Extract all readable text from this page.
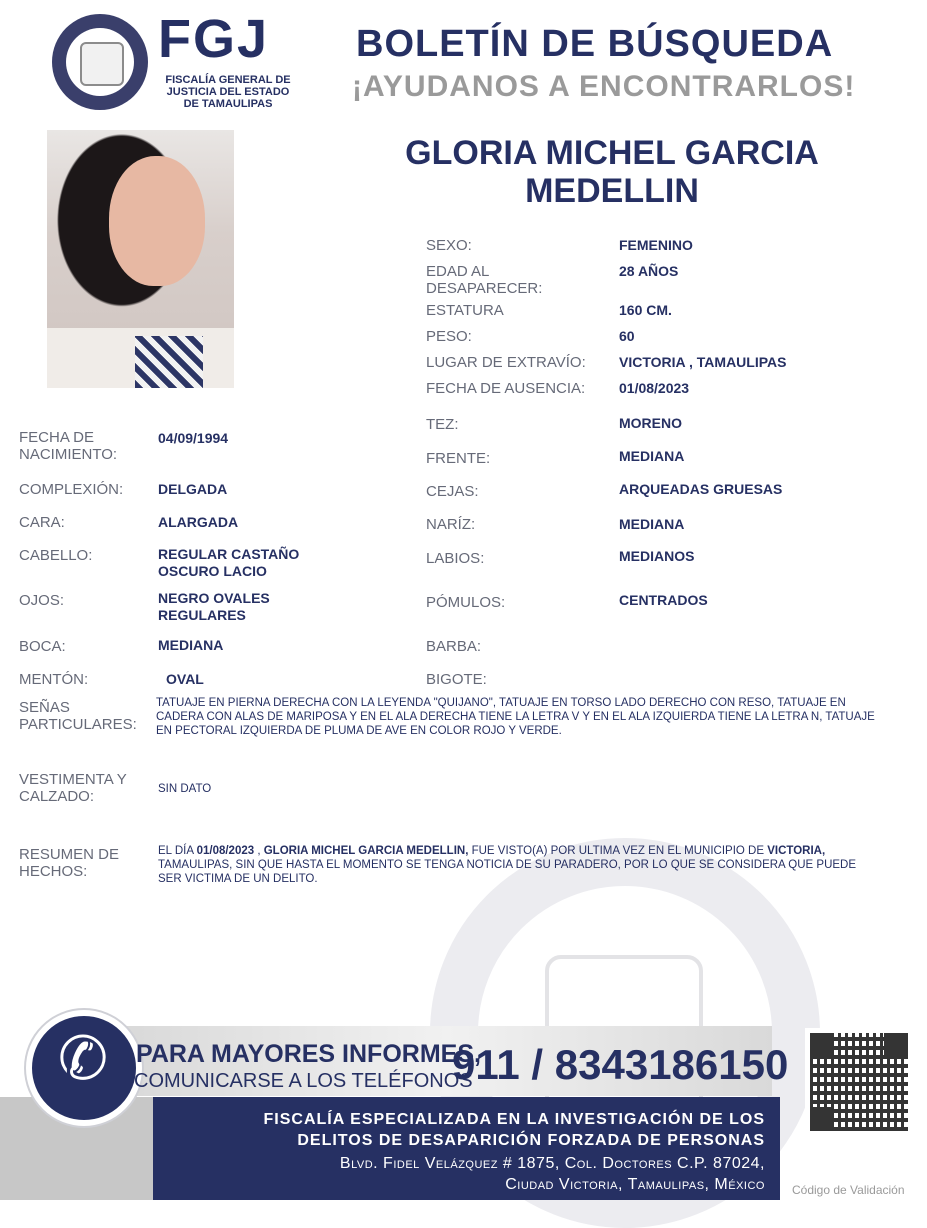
FGJ
FISCALÍA GENERAL DE JUSTICIA DEL ESTADO DE TAMAULIPAS
BOLETÍN DE BÚSQUEDA
¡AYUDANOS A ENCONTRARLOS!
GLORIA MICHEL GARCIA MEDELLIN
SEXO:	FEMENINO
EDAD AL DESAPARECER:
28 AÑOS
ESTATURA	160 CM.
PESO:	60
LUGAR DE EXTRAVÍO: VICTORIA , TAMAULIPAS
FECHA DE AUSENCIA: 01/08/2023
FECHA DE NACIMIENTO:
04/09/1994
COMPLEXIÓN: DELGADA
CARA:	ALARGADA
CABELLO:	REGULAR CASTAÑO OSCURO LACIO
OJOS:	NEGRO OVALES REGULARES
BOCA:	MEDIANA
MENTÓN:	OVAL
TEZ:	MORENO
FRENTE:	MEDIANA
CEJAS:	ARQUEADAS GRUESAS
NARÍZ:	MEDIANA
LABIOS:	MEDIANOS
PÓMULOS:	CENTRADOS
BARBA:
BIGOTE:
SEÑAS PARTICULARES:
TATUAJE EN PIERNA DERECHA CON LA LEYENDA "QUIJANO", TATUAJE EN TORSO LADO DERECHO CON RESO, TATUAJE EN CADERA CON ALAS DE MARIPOSA Y EN EL ALA DERECHA TIENE LA LETRA V Y EN EL ALA IZQUIERDA TIENE LA LETRA N, TATUAJE EN PECTORAL IZQUIERDA DE PLUMA DE AVE EN COLOR ROJO Y VERDE.
VESTIMENTA Y CALZADO:	SIN DATO
RESUMEN DE HECHOS:
EL DÍA 01/08/2023 , GLORIA MICHEL GARCIA MEDELLIN, FUE VISTO(A) POR ULTIMA VEZ EN EL MUNICIPIO DE VICTORIA, TAMAULIPAS, SIN QUE HASTA EL MOMENTO SE TENGA NOTICIA DE SU PARADERO, POR LO QUE SE CONSIDERA QUE PUEDE SER VICTIMA DE UN DELITO.
✆	PARA MAYORES INFORMES,
COMUNICARSE A LOS TELÉFONOS
911 / 8343186150
FISCALÍA ESPECIALIZADA EN LA INVESTIGACIÓN DE LOS
DELITOS DE DESAPARICIÓN FORZADA DE PERSONAS
Blvd. Fidel Velázquez # 1875, Col. Doctores C.P. 87024,
Ciudad Victoria, Tamaulipas, México Código de Validación
